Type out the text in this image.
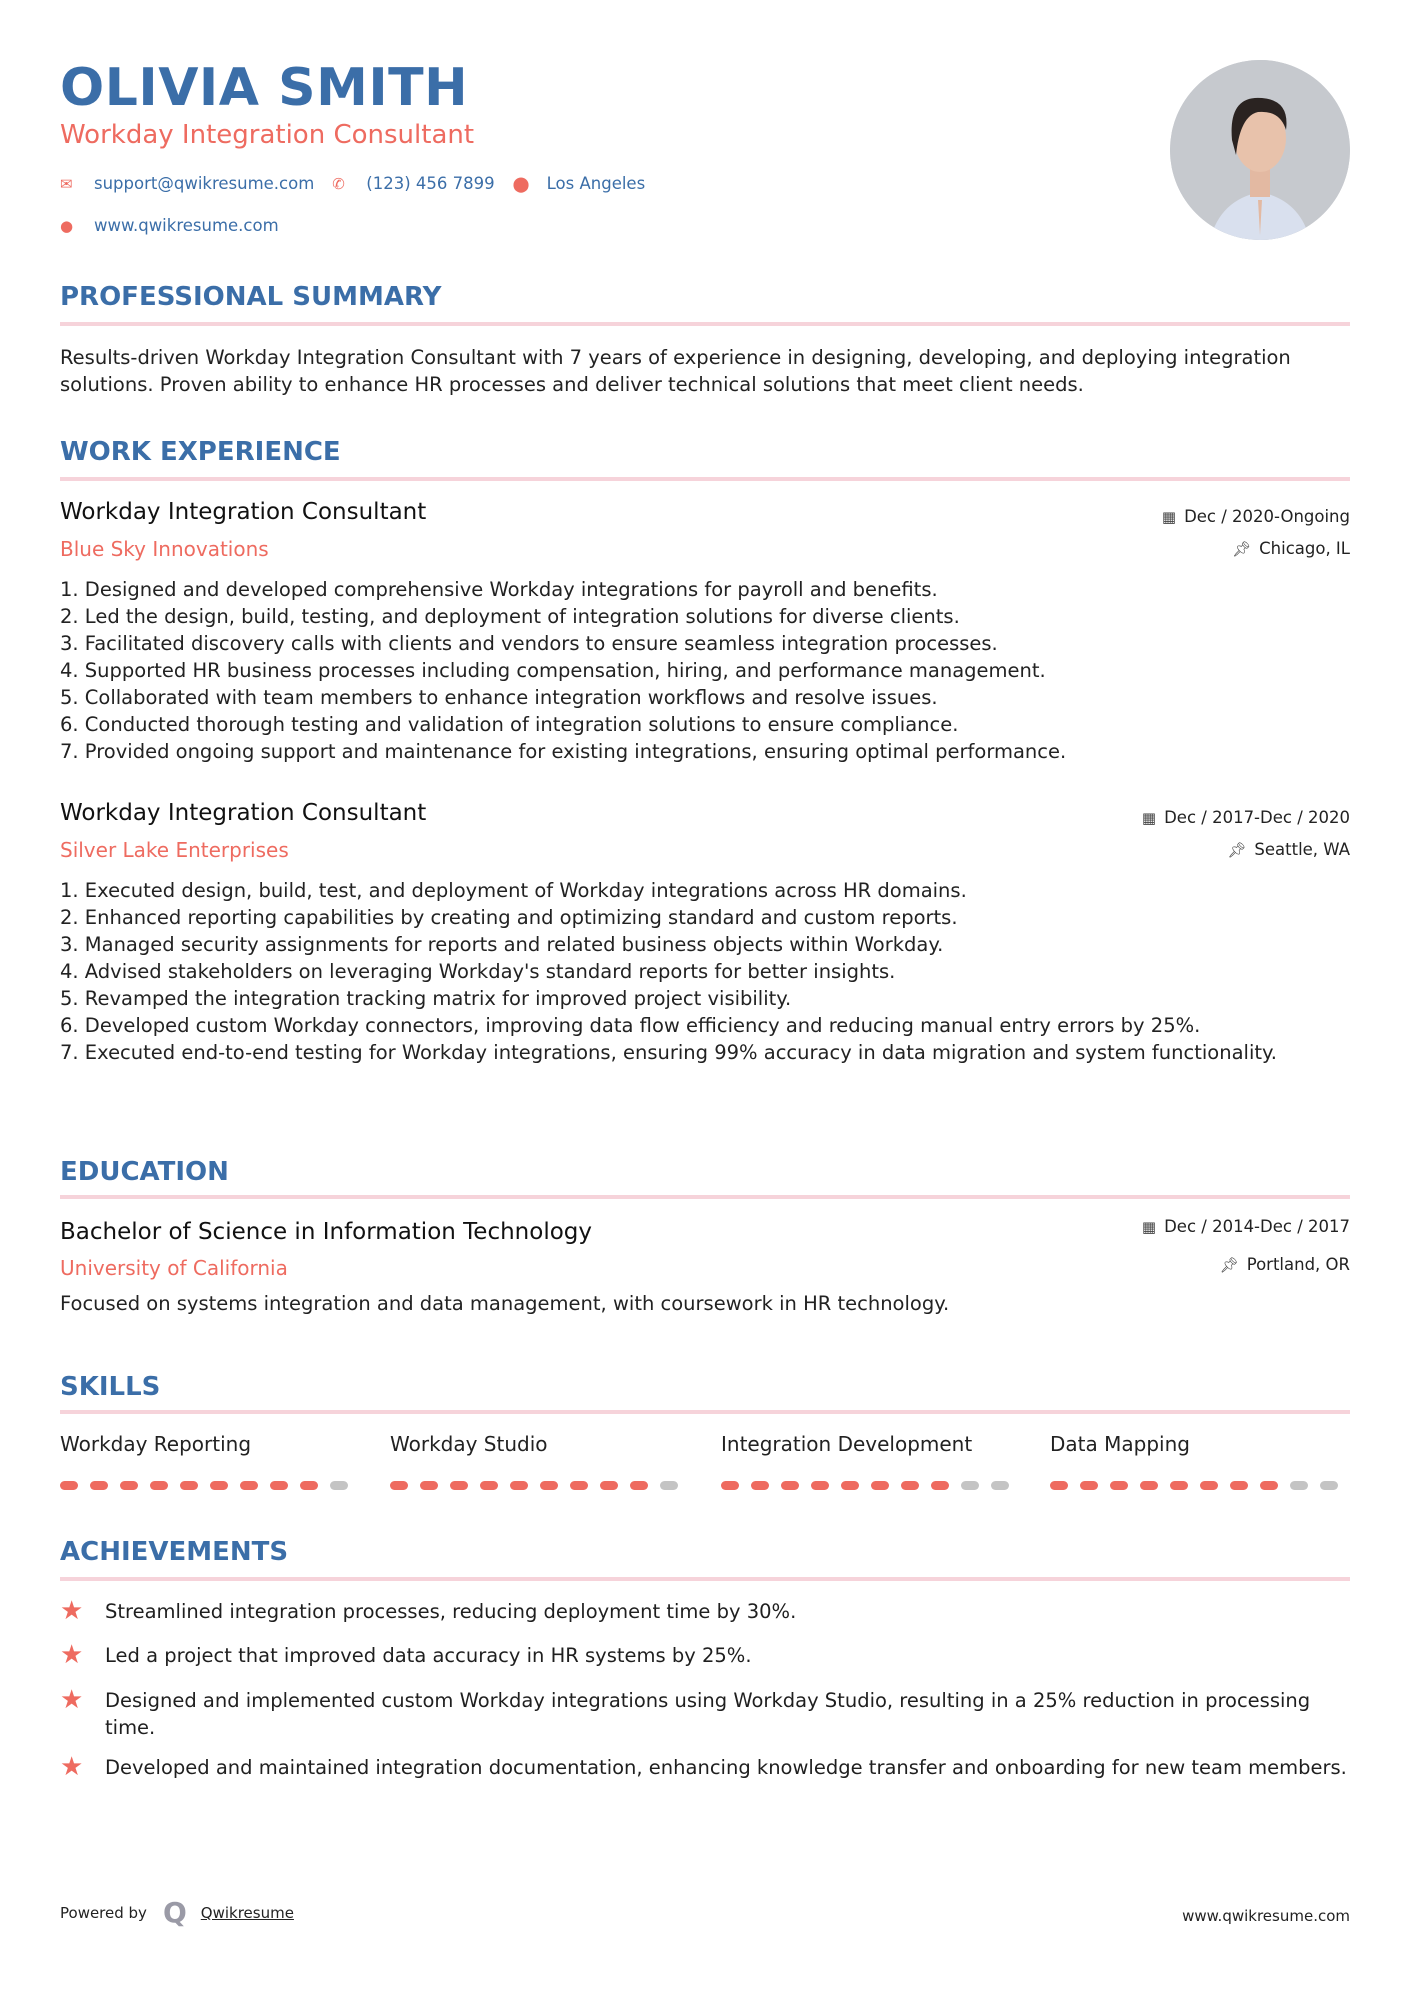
OLIVIA SMITH
Workday Integration Consultant
✉	support@qwikresume.com ✆	(123) 456 7899 ⬤	Los Angeles
●	www.qwikresume.com
PROFESSIONAL SUMMARY
Results-driven Workday Integration Consultant with 7 years of experience in designing, developing, and deploying integration solutions. Proven ability to enhance HR processes and deliver technical solutions that meet client needs.
WORK EXPERIENCE
Workday Integration Consultant
Blue Sky Innovations
▦ Dec / 2020-Ongoing
📌︎ Chicago, IL
1. Designed and developed comprehensive Workday integrations for payroll and benefits.
2. Led the design, build, testing, and deployment of integration solutions for diverse clients.
3. Facilitated discovery calls with clients and vendors to ensure seamless integration processes.
4. Supported HR business processes including compensation, hiring, and performance management.
5. Collaborated with team members to enhance integration workflows and resolve issues.
6. Conducted thorough testing and validation of integration solutions to ensure compliance.
7. Provided ongoing support and maintenance for existing integrations, ensuring optimal performance.
Workday Integration Consultant
Silver Lake Enterprises
▦ Dec / 2017-Dec / 2020
📌︎ Seattle, WA
1. Executed design, build, test, and deployment of Workday integrations across HR domains.
2. Enhanced reporting capabilities by creating and optimizing standard and custom reports.
3. Managed security assignments for reports and related business objects within Workday.
4. Advised stakeholders on leveraging Workday's standard reports for better insights.
5. Revamped the integration tracking matrix for improved project visibility.
6. Developed custom Workday connectors, improving data flow efficiency and reducing manual entry errors by 25%.
7. Executed end-to-end testing for Workday integrations, ensuring 99% accuracy in data migration and system functionality.
EDUCATION
Bachelor of Science in Information Technology
University of California
▦ Dec / 2014-Dec / 2017
📌︎ Portland, OR
Focused on systems integration and data management, with coursework in HR technology.
SKILLS
Workday Reporting	Workday Studio	Integration Development	Data Mapping
ACHIEVEMENTS
★	Streamlined integration processes, reducing deployment time by 30%.
★	Led a project that improved data accuracy in HR systems by 25%.
★	Designed and implemented custom Workday integrations using Workday Studio, resulting in a 25% reduction in processing time.
★	Developed and maintained integration documentation, enhancing knowledge transfer and onboarding for new team members.
Powered by Q Qwikresume	www.qwikresume.com
